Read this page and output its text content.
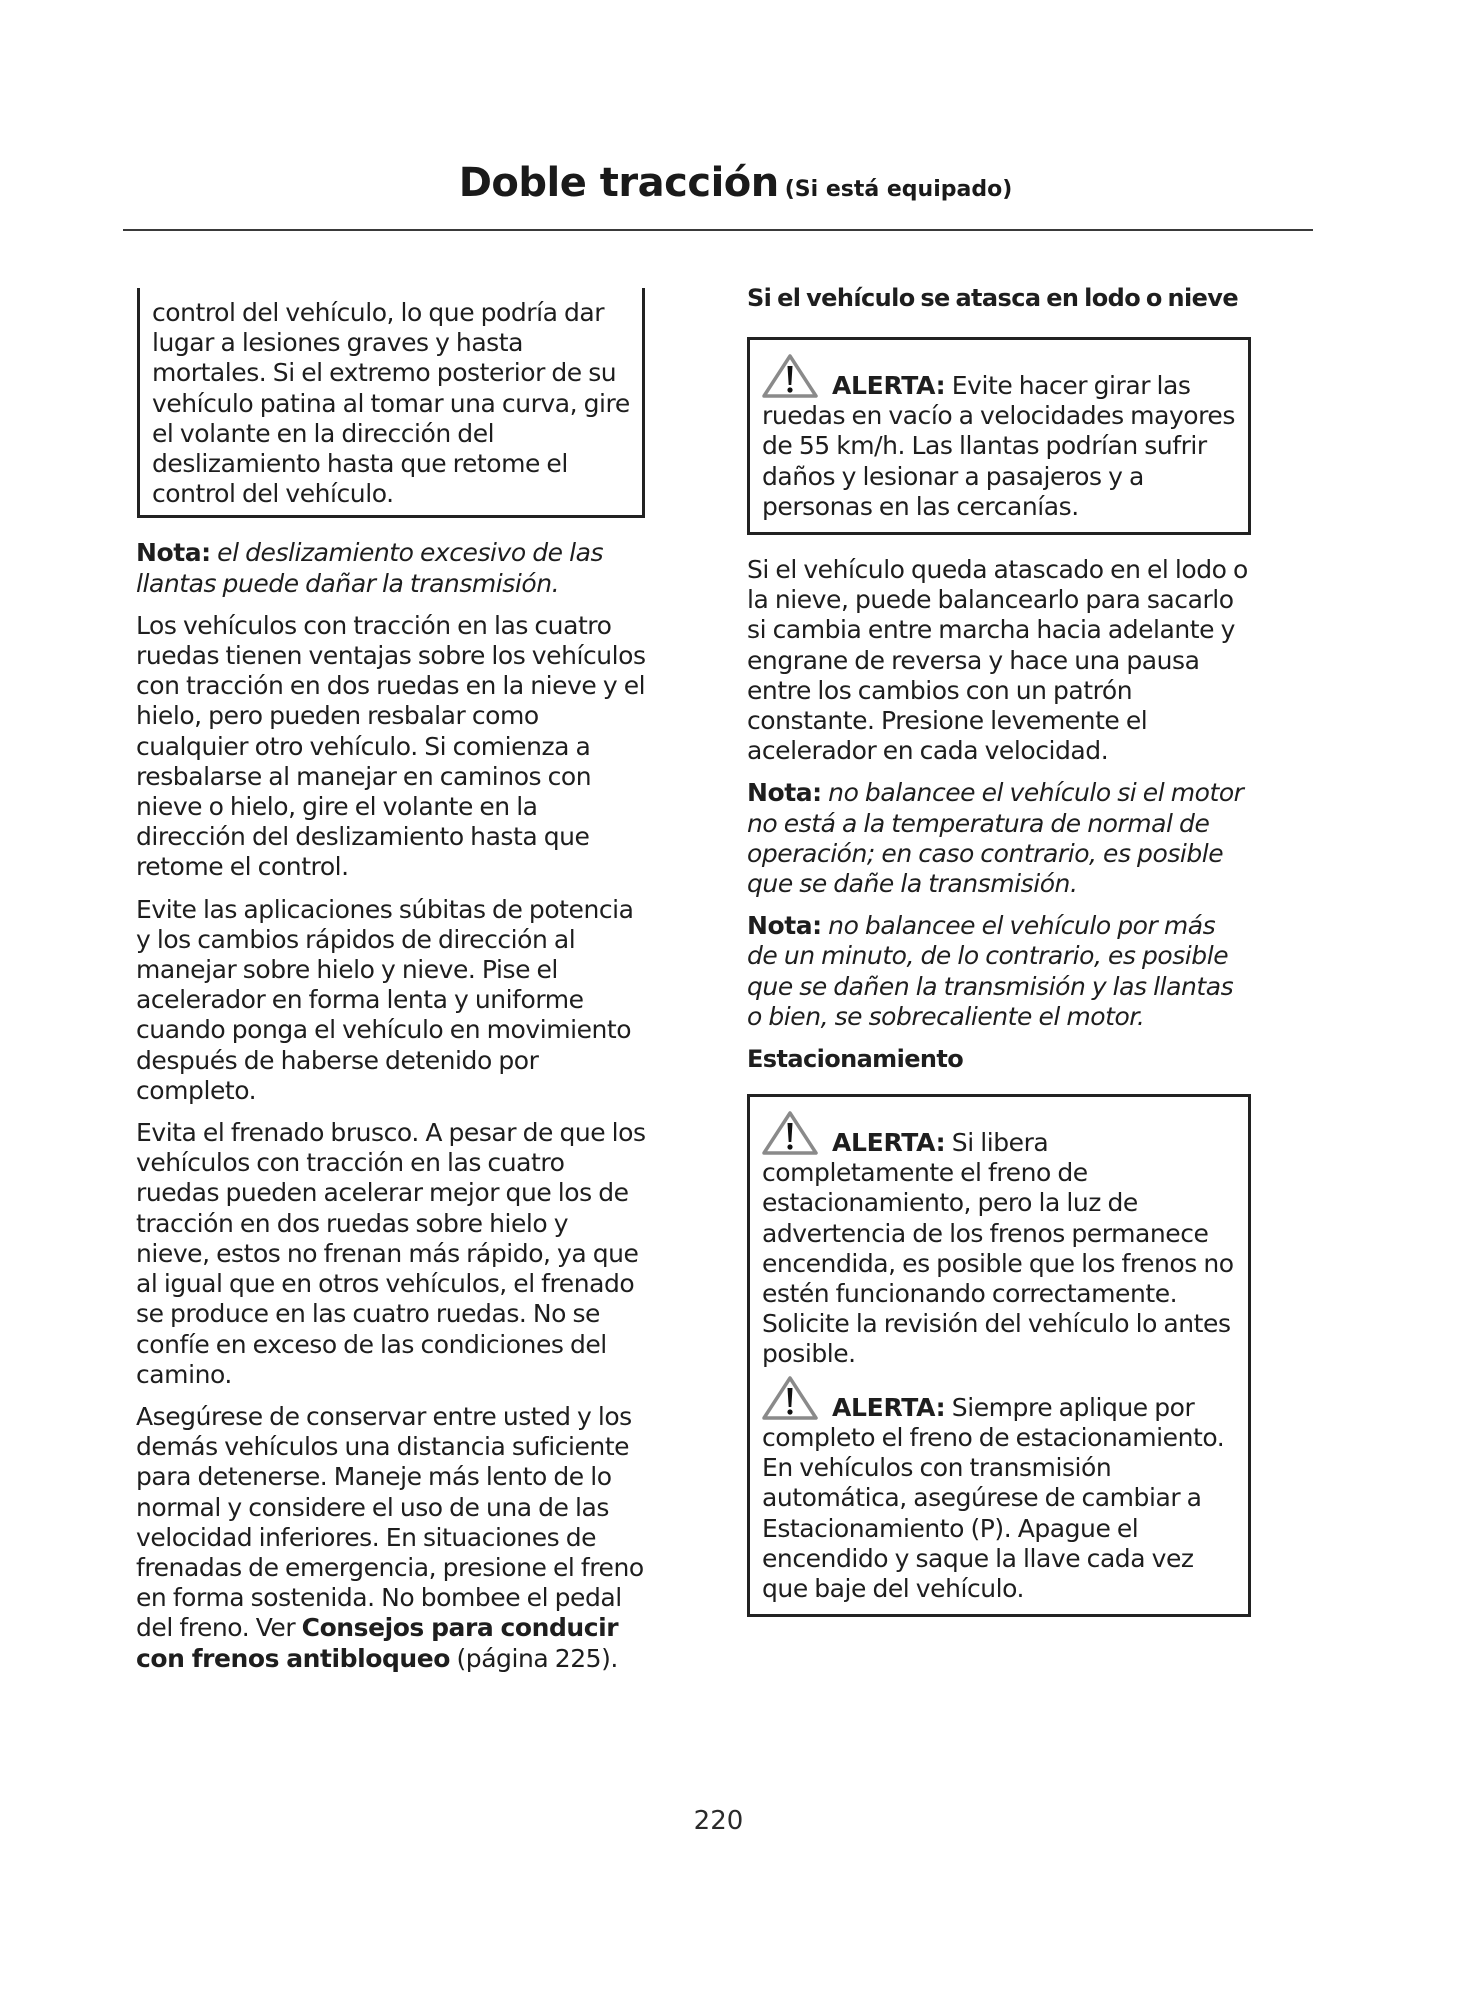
Doble tracción (Si está equipado)

control del vehículo, lo que podría dar lugar a lesiones graves y hasta mortales. Si el extremo posterior de su vehículo patina al tomar una curva, gire el volante en la dirección del deslizamiento hasta que retome el control del vehículo.

Nota: el deslizamiento excesivo de las llantas puede dañar la transmisión.

Los vehículos con tracción en las cuatro ruedas tienen ventajas sobre los vehículos con tracción en dos ruedas en la nieve y el hielo, pero pueden resbalar como cualquier otro vehículo. Si comienza a resbalarse al manejar en caminos con nieve o hielo, gire el volante en la dirección del deslizamiento hasta que retome el control.

Evite las aplicaciones súbitas de potencia y los cambios rápidos de dirección al manejar sobre hielo y nieve. Pise el acelerador en forma lenta y uniforme cuando ponga el vehículo en movimiento después de haberse detenido por completo.

Evita el frenado brusco. A pesar de que los vehículos con tracción en las cuatro ruedas pueden acelerar mejor que los de tracción en dos ruedas sobre hielo y nieve, estos no frenan más rápido, ya que al igual que en otros vehículos, el frenado se produce en las cuatro ruedas. No se confíe en exceso de las condiciones del camino.

Asegúrese de conservar entre usted y los demás vehículos una distancia suficiente para detenerse. Maneje más lento de lo normal y considere el uso de una de las velocidad inferiores. En situaciones de frenadas de emergencia, presione el freno en forma sostenida. No bombee el pedal del freno. Ver Consejos para conducir con frenos antibloqueo (página 225).

Si el vehículo se atasca en lodo o nieve
ALERTA: Evite hacer girar las ruedas en vacío a velocidades mayores de 55 km/h. Las llantas podrían sufrir daños y lesionar a pasajeros y a personas en las cercanías.

Si el vehículo queda atascado en el lodo o la nieve, puede balancearlo para sacarlo si cambia entre marcha hacia adelante y engrane de reversa y hace una pausa entre los cambios con un patrón constante. Presione levemente el acelerador en cada velocidad.

Nota: no balancee el vehículo si el motor no está a la temperatura de normal de operación; en caso contrario, es posible que se dañe la transmisión.

Nota: no balancee el vehículo por más de un minuto, de lo contrario, es posible que se dañen la transmisión y las llantas o bien, se sobrecaliente el motor.

Estacionamiento
ALERTA: Si libera completamente el freno de estacionamiento, pero la luz de advertencia de los frenos permanece encendida, es posible que los frenos no estén funcionando correctamente. Solicite la revisión del vehículo lo antes posible.
ALERTA: Siempre aplique por completo el freno de estacionamiento. En vehículos con transmisión automática, asegúrese de cambiar a Estacionamiento (P). Apague el encendido y saque la llave cada vez que baje del vehículo.
220
